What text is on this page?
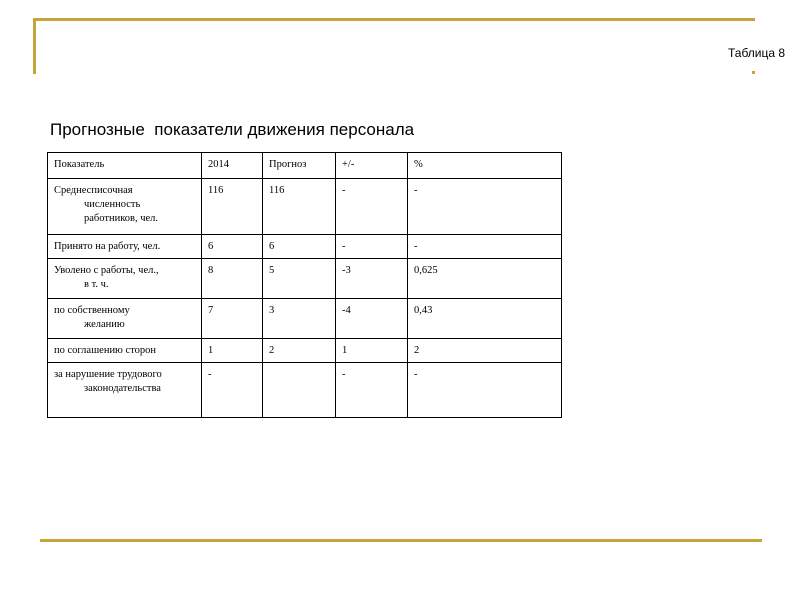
Таблица 8
Прогнозные  показатели движения персонала
Показатель	2014	Прогноз	+/-	%
Среднесписочная
численность работников, чел.	116	116	-	-
Принято на работу, чел.	6	6	-	-
Уволено с работы, чел.,
в т. ч.	8	5	-3	0,625
по собственному
желанию	7	3	-4	0,43
по соглашению сторон	1	2	1	2
за нарушение трудового
законодательства	-		-	-
